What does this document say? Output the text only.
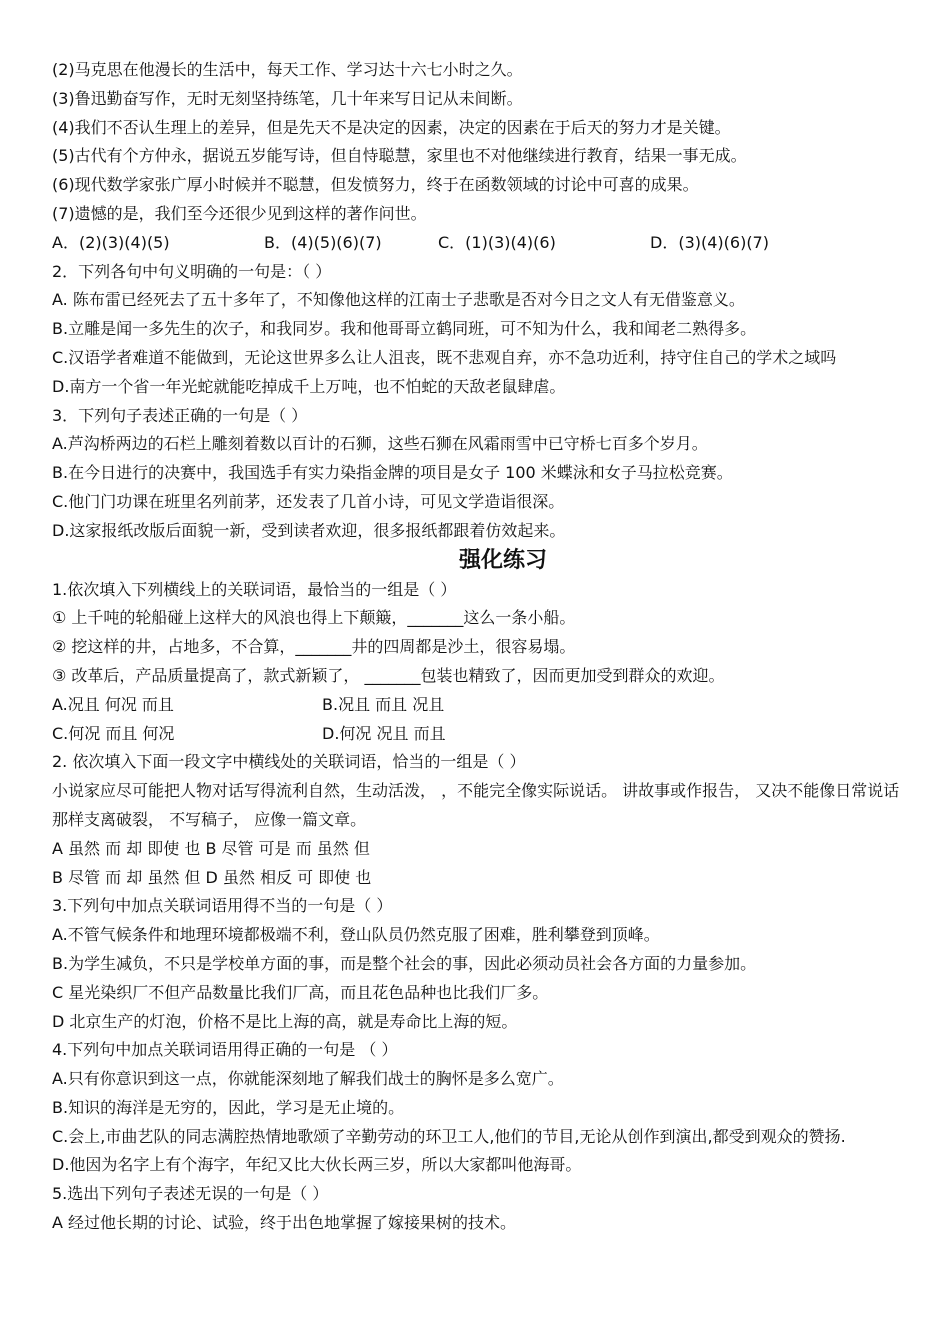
(2)马克思在他漫长的生活中，每天工作、学习达十六七小时之久。
(3)鲁迅勤奋写作，无时无刻坚持练笔，几十年来写日记从未间断。
(4)我们不否认生理上的差异，但是先天不是决定的因素，决定的因素在于后天的努力才是关键。
(5)古代有个方仲永，据说五岁能写诗，但自恃聪慧，家里也不对他继续进行教育，结果一事无成。
(6)现代数学家张广厚小时候并不聪慧，但发愤努力，终于在函数领域的讨论中可喜的成果。
(7)遗憾的是，我们至今还很少见到这样的著作问世。
A．(2)(3)(4)(5)	B．(4)(5)(6)(7)	C．(1)(3)(4)(6)	D．(3)(4)(6)(7)
2．下列各句中句义明确的一句是：（ ）
A. 陈布雷已经死去了五十多年了，不知像他这样的江南士子悲歌是否对今日之文人有无借鉴意义。
B.立雕是闻一多先生的次子，和我同岁。我和他哥哥立鹤同班，可不知为什么，我和闻老二熟得多。
C.汉语学者难道不能做到，无论这世界多么让人沮丧，既不悲观自弃，亦不急功近利，持守住自己的学术之域吗
D.南方一个省一年光蛇就能吃掉成千上万吨，也不怕蛇的天敌老鼠肆虐。
3．下列句子表述正确的一句是（ ）
A.芦沟桥两边的石栏上雕刻着数以百计的石狮，这些石狮在风霜雨雪中已守桥七百多个岁月。
B.在今日进行的决赛中，我国选手有实力染指金牌的项目是女子 100 米蝶泳和女子马拉松竞赛。
C.他门门功课在班里名列前茅，还发表了几首小诗，可见文学造诣很深。
D.这家报纸改版后面貌一新，受到读者欢迎，很多报纸都跟着仿效起来。
强化练习
1.依次填入下列横线上的关联词语，最恰当的一组是（ ）
① 上千吨的轮船碰上这样大的风浪也得上下颠簸，_______这么一条小船。
② 挖这样的井，占地多，不合算，_______井的四周都是沙土，很容易塌。
③ 改革后，产品质量提高了，款式新颖了， _______包装也精致了，因而更加受到群众的欢迎。
A.况且 何况 而且	B.况且 而且 况且
C.何况 而且 何况	D.何况 况且 而且
2. 依次填入下面一段文字中横线处的关联词语，恰当的一组是（ ）
小说家应尽可能把人物对话写得流利自然，生动活泼， ，不能完全像实际说话。 讲故事或作报告， 又决不能像日常说话那样支离破裂， 不写稿子， 应像一篇文章。
A 虽然 而 却 即使 也 B 尽管 可是 而 虽然 但
B 尽管 而 却 虽然 但 D 虽然 相反 可 即使 也
3.下列句中加点关联词语用得不当的一句是（ ）
A.不管气候条件和地理环境都极端不利，登山队员仍然克服了困难，胜利攀登到顶峰。
B.为学生减负，不只是学校单方面的事，而是整个社会的事，因此必须动员社会各方面的力量参加。
C 星光染织厂不但产品数量比我们厂高，而且花色品种也比我们厂多。
D 北京生产的灯泡，价格不是比上海的高，就是寿命比上海的短。
4.下列句中加点关联词语用得正确的一句是 （ ）
A.只有你意识到这一点，你就能深刻地了解我们战士的胸怀是多么宽广。
B.知识的海洋是无穷的，因此，学习是无止境的。
C.会上,市曲艺队的同志满腔热情地歌颂了辛勤劳动的环卫工人,他们的节目,无论从创作到演出,都受到观众的赞扬.
D.他因为名字上有个海字，年纪又比大伙长两三岁，所以大家都叫他海哥。
5.选出下列句子表述无误的一句是（ ）
A 经过他长期的讨论、试验，终于出色地掌握了嫁接果树的技术。
